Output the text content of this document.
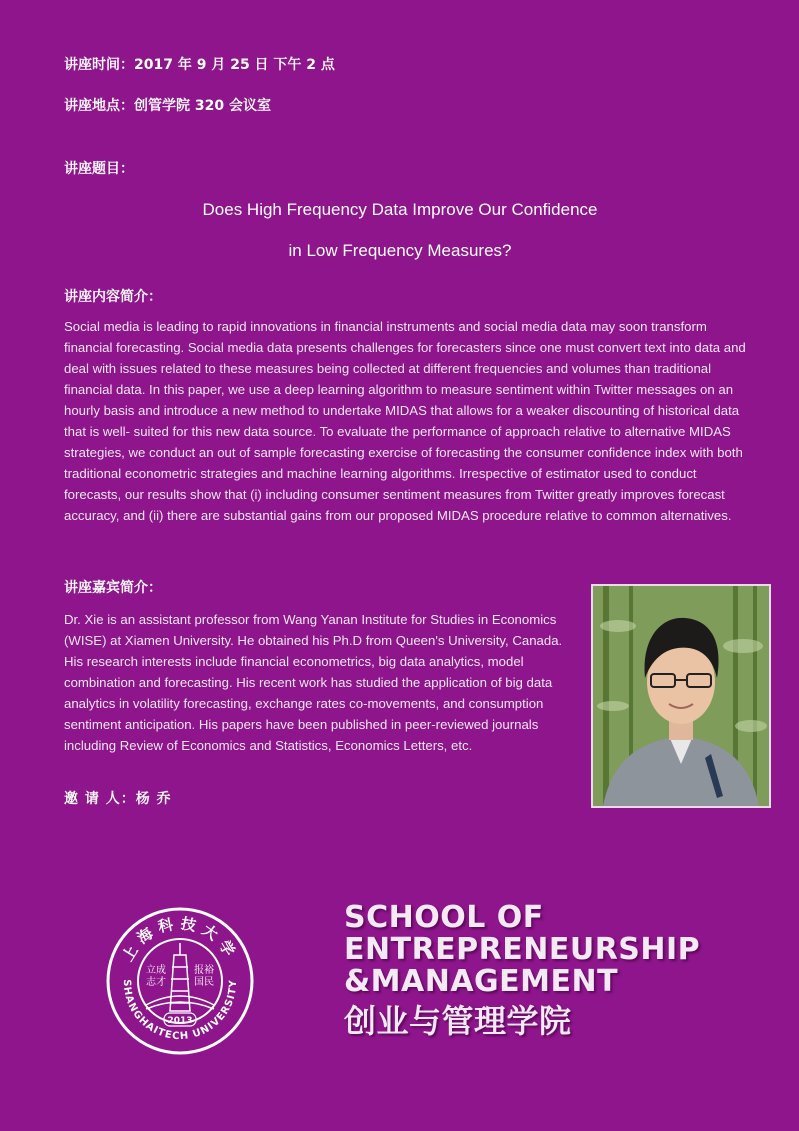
讲座时间：2017 年 9 月 25 日 下午 2 点
讲座地点：创管学院 320 会议室
讲座题目：
Does High Frequency Data Improve Our Confidence
in Low Frequency Measures?
讲座内容简介：
Social media is leading to rapid innovations in financial instruments and social media data may soon transform financial forecasting. Social media data presents challenges for forecasters since one must convert text into data and deal with issues related to these measures being collected at different frequencies and volumes than traditional financial data. In this paper, we use a deep learning algorithm to measure sentiment within Twitter messages on an hourly basis and introduce a new method to undertake MIDAS that allows for a weaker discounting of historical data that is well- suited for this new data source. To evaluate the performance of approach relative to alternative MIDAS strategies, we conduct an out of sample forecasting exercise of forecasting the consumer confidence index with both traditional econometric strategies and machine learning algorithms. Irrespective of estimator used to conduct forecasts, our results show that (i) including consumer sentiment measures from Twitter greatly improves forecast accuracy, and (ii) there are substantial gains from our proposed MIDAS procedure relative to common alternatives.
讲座嘉宾简介：
Dr. Xie is an assistant professor from Wang Yanan Institute for Studies in Economics (WISE) at Xiamen University. He obtained his Ph.D from Queen's University, Canada. His research interests include financial econometrics, big data analytics, model combination and forecasting. His recent work has studied the application of big data analytics in volatility forecasting, exchange rates co-movements, and consumption sentiment anticipation. His papers have been published in peer-reviewed journals including Review of Economics and Statistics, Economics Letters, etc.
邀 请 人：杨 乔
上海科技大学
SHANGHAITECH UNIVERSITY
立成
志才
报裕
国民
2013
SCHOOL OF
ENTREPRENEURSHIP
&MANAGEMENT
创业与管理学院
